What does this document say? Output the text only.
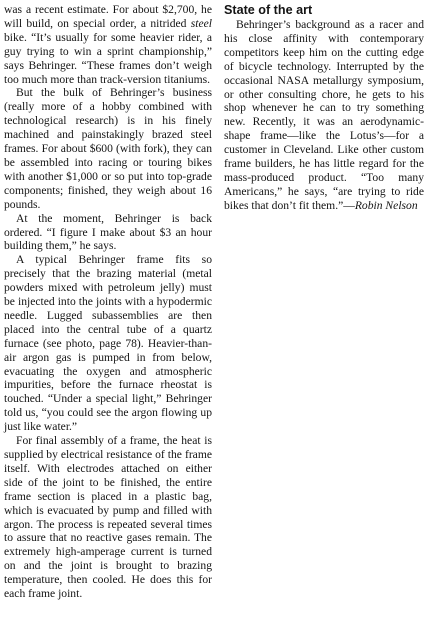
was a recent estimate. For about $2,700, he will build, on special order, a nitrided steel bike. “It’s usually for some heavier rider, a guy trying to win a sprint championship,” says Behringer. “These frames don’t weigh too much more than track-version titaniums.

But the bulk of Behringer’s business (really more of a hobby combined with technological research) is in his finely machined and painstakingly brazed steel frames. For about $600 (with fork), they can be assembled into racing or touring bikes with another $1,000 or so put into top-grade components; finished, they weigh about 16 pounds.

At the moment, Behringer is back ordered. “I figure I make about $3 an hour building them,” he says.

A typical Behringer frame fits so precisely that the brazing material (metal powders mixed with petroleum jelly) must be injected into the joints with a hypodermic needle. Lugged subassemblies are then placed into the central tube of a quartz furnace (see photo, page 78). Heavier-than-air argon gas is pumped in from below, evacuating the oxygen and atmospheric impurities, before the furnace rheostat is touched. “Under a special light,” Behringer told us, “you could see the argon flowing up just like water.”

For final assembly of a frame, the heat is supplied by electrical resistance of the frame itself. With electrodes attached on either side of the joint to be finished, the entire frame section is placed in a plastic bag, which is evacuated by pump and filled with argon. The process is repeated several times to assure that no reactive gases remain. The extremely high-amperage current is turned on and the joint is brought to brazing temperature, then cooled. He does this for each frame joint.

State of the art

Behringer’s background as a racer and his close affinity with contemporary competitors keep him on the cutting edge of bicycle technology. Interrupted by the occasional NASA metallurgy symposium, or other consulting chore, he gets to his shop whenever he can to try something new. Recently, it was an aerodynamic-shape frame—like the Lotus’s—for a customer in Cleveland. Like other custom frame builders, he has little regard for the mass-produced product. “Too many Americans,” he says, “are trying to ride bikes that don’t fit them.”—Robin Nelson
